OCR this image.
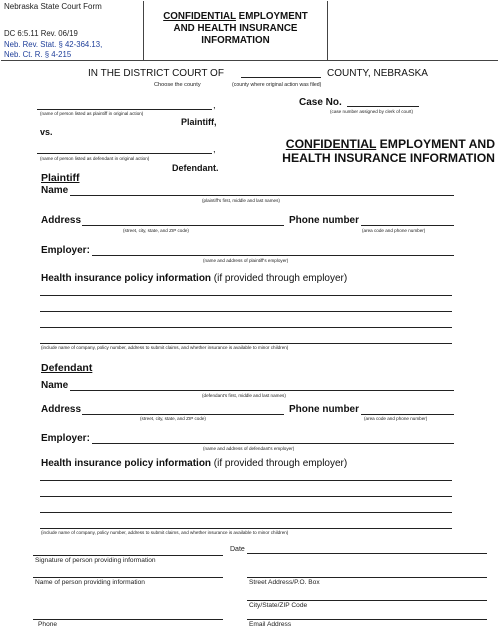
Nebraska State Court Form
DC 6:5.11 Rev. 06/19
Neb. Rev. Stat. § 42-364.13,
Neb. Ct. R. § 4-215
CONFIDENTIAL EMPLOYMENT
AND HEALTH INSURANCE
INFORMATION
IN THE DISTRICT COURT OF	COUNTY, NEBRASKA
Choose the county	(county where original action was filed)
,
(name of person listed as plaintiff in original action)
Plaintiff,
vs.
,
(name of person listed as defendant in original action)
Defendant.
Case No.
(case number assigned by clerk of court)
CONFIDENTIAL EMPLOYMENT AND
HEALTH INSURANCE INFORMATION
Plaintiff
Name
(plaintiff's first, middle and last names)
Address
(street, city, state, and ZIP code)
Phone number
(area code and phone number)
Employer:
(name and address of plaintiff's employer)
Health insurance policy information (if provided through employer)
(include name of company, policy number, address to submit claims, and whether insurance is available to minor children)
Defendant
Name
(defendant's first, middle and last names)
Address
(street, city, state, and ZIP code)
Phone number
(area code and phone number)
Employer:
(name and address of defendant's employer)
Health insurance policy information (if provided through employer)
(include name of company, policy number, address to submit claims, and whether insurance is available to minor children)
Date
Signature of person providing information
Name of person providing information	Street Address/P.O. Box
City/State/ZIP Code
Phone	Email Address
